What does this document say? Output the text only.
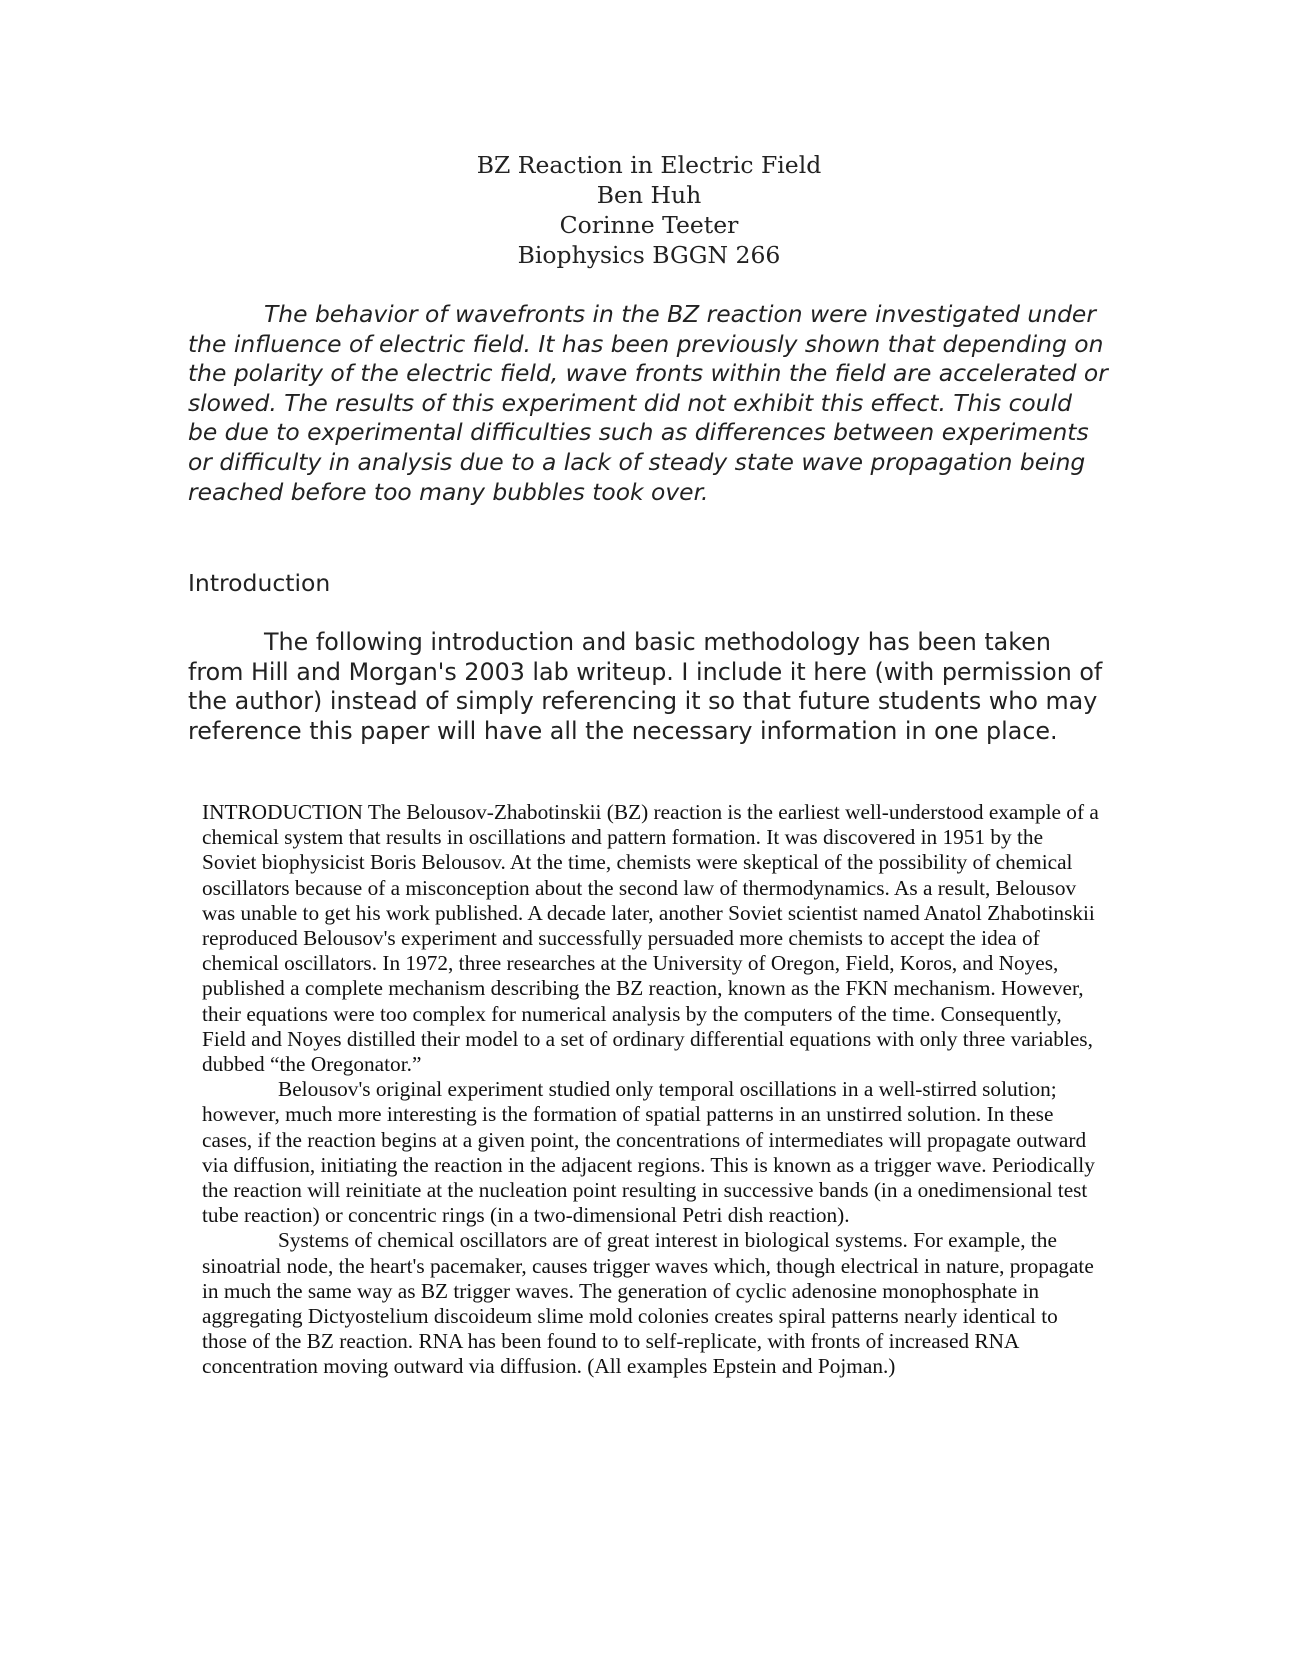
BZ Reaction in Electric Field
Ben Huh
Corinne Teeter
Biophysics BGGN 266

The behavior of wavefronts in the BZ reaction were investigated under the influence of electric field. It has been previously shown that depending on the polarity of the electric field, wave fronts within the field are accelerated or slowed. The results of this experiment did not exhibit this effect. This could be due to experimental difficulties such as differences between experiments or difficulty in analysis due to a lack of steady state wave propagation being reached before too many bubbles took over.

Introduction

The following introduction and basic methodology has been taken from Hill and Morgan's 2003 lab writeup. I include it here (with permission of the author) instead of simply referencing it so that future students who may reference this paper will have all the necessary information in one place.

INTRODUCTION The Belousov-Zhabotinskii (BZ) reaction is the earliest well-understood example of a chemical system that results in oscillations and pattern formation. It was discovered in 1951 by the Soviet biophysicist Boris Belousov. At the time, chemists were skeptical of the possibility of chemical oscillators because of a misconception about the second law of thermodynamics. As a result, Belousov was unable to get his work published. A decade later, another Soviet scientist named Anatol Zhabotinskii reproduced Belousov's experiment and successfully persuaded more chemists to accept the idea of chemical oscillators. In 1972, three researches at the University of Oregon, Field, Koros, and Noyes, published a complete mechanism describing the BZ reaction, known as the FKN mechanism. However, their equations were too complex for numerical analysis by the computers of the time. Consequently, Field and Noyes distilled their model to a set of ordinary differential equations with only three variables, dubbed “the Oregonator.”

Belousov's original experiment studied only temporal oscillations in a well-stirred solution; however, much more interesting is the formation of spatial patterns in an unstirred solution. In these cases, if the reaction begins at a given point, the concentrations of intermediates will propagate outward via diffusion, initiating the reaction in the adjacent regions. This is known as a trigger wave. Periodically the reaction will reinitiate at the nucleation point resulting in successive bands (in a onedimensional test tube reaction) or concentric rings (in a two-dimensional Petri dish reaction).

Systems of chemical oscillators are of great interest in biological systems. For example, the sinoatrial node, the heart's pacemaker, causes trigger waves which, though electrical in nature, propagate in much the same way as BZ trigger waves. The generation of cyclic adenosine monophosphate in aggregating Dictyostelium discoideum slime mold colonies creates spiral patterns nearly identical to those of the BZ reaction. RNA has been found to to self-replicate, with fronts of increased RNA concentration moving outward via diffusion. (All examples Epstein and Pojman.)
